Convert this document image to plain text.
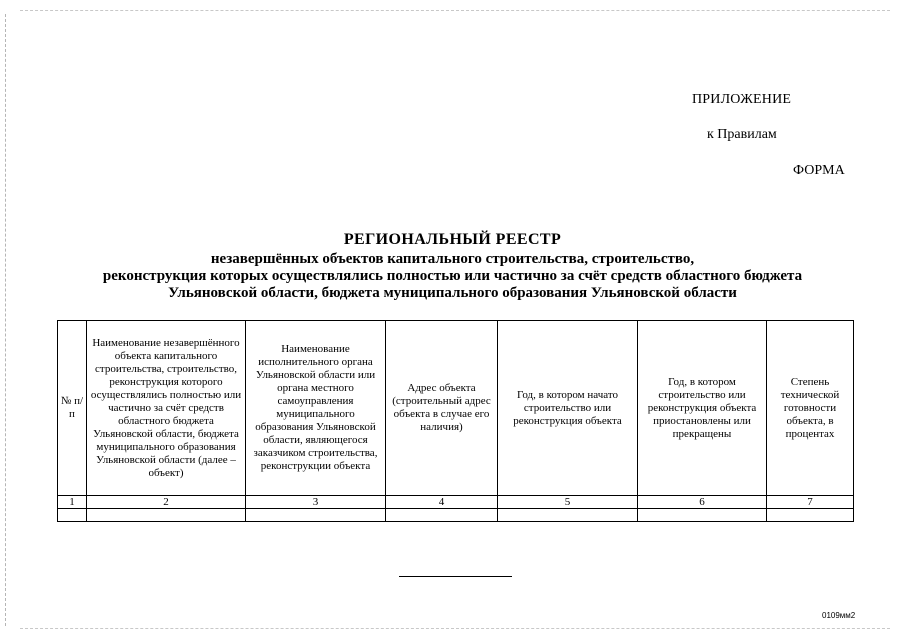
ПРИЛОЖЕНИЕ
к Правилам
ФОРМА
РЕГИОНАЛЬНЫЙ РЕЕСТР
незавершённых объектов капитального строительства, строительство,
реконструкция которых осуществлялись полностью или частично за счёт средств областного бюджета
Ульяновской области, бюджета муниципального образования Ульяновской области
№ п/п	Наименование незавершённого объекта капитального строительства, строительство, реконструкция которого осуществлялись полностью или частично за счёт средств областного бюджета Ульяновской области, бюджета муниципального образования Ульяновской области (далее – объект)	Наименование исполнительного органа Ульяновской области или органа местного самоуправления муниципального образования Ульяновской области, являющегося заказчиком строительства, реконструкции объекта	Адрес объекта (строительный адрес объекта в случае его наличия)	Год, в котором начато строительство или реконструкция объекта	Год, в котором строительство или реконструкция объекта приостановлены или прекращены	Степень технической готовности объекта, в процентах
1	2	3	4	5	6	7

0109мм2
